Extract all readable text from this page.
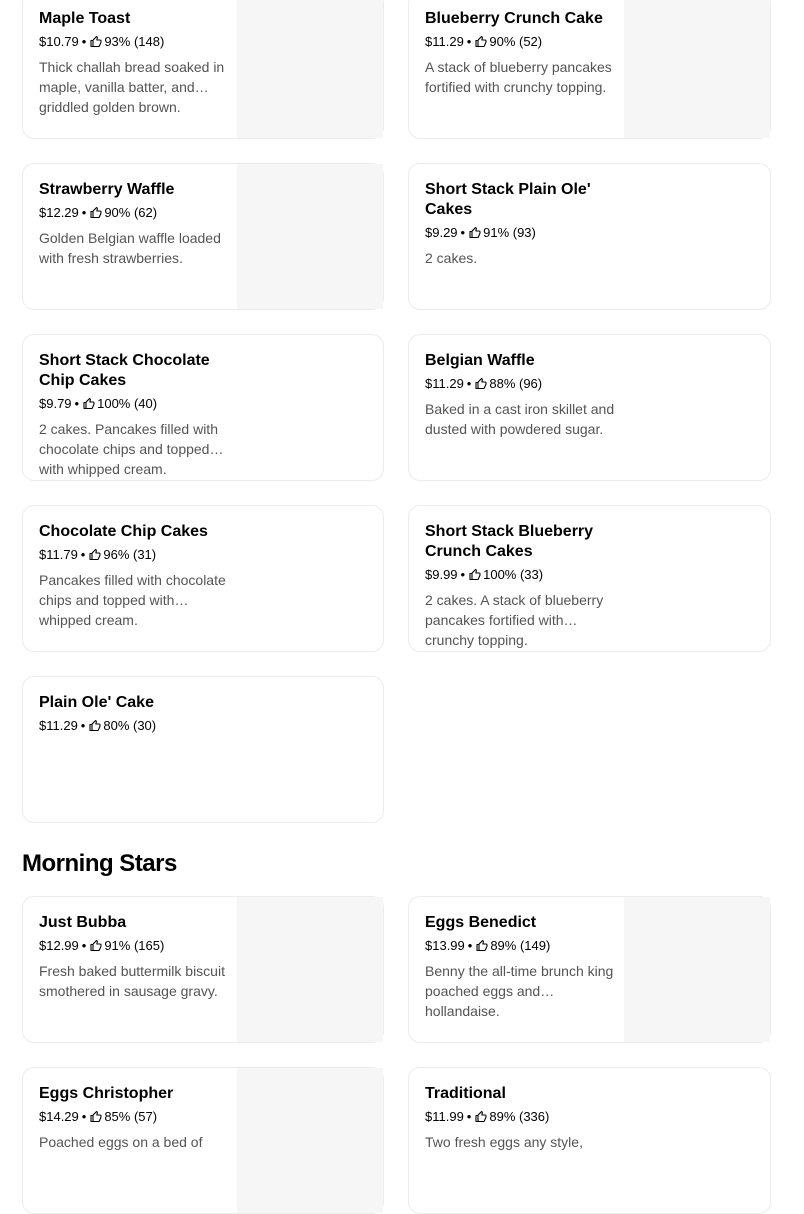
Maple Toast
$10.79 • 93% (148)
Thick challah bread soaked in maple, vanilla batter, and griddled golden brown.
Blueberry Crunch Cake
$11.29 • 90% (52)
A stack of blueberry pancakes fortified with crunchy topping.
Strawberry Waffle
$12.29 • 90% (62)
Golden Belgian waffle loaded with fresh strawberries.
Short Stack Plain Ole' Cakes
$9.29 • 91% (93)
2 cakes.
Short Stack Chocolate Chip Cakes
$9.79 • 100% (40)
2 cakes. Pancakes filled with chocolate chips and topped with whipped cream.
Belgian Waffle
$11.29 • 88% (96)
Baked in a cast iron skillet and dusted with powdered sugar.
Chocolate Chip Cakes
$11.79 • 96% (31)
Pancakes filled with chocolate chips and topped with whipped cream.
Short Stack Blueberry Crunch Cakes
$9.99 • 100% (33)
2 cakes. A stack of blueberry pancakes fortified with crunchy topping.
Plain Ole' Cake
$11.29 • 80% (30)
Morning Stars
Just Bubba
$12.99 • 91% (165)
Fresh baked buttermilk biscuit smothered in sausage gravy.
Eggs Benedict
$13.99 • 89% (149)
Benny the all-time brunch king poached eggs and hollandaise.
Eggs Christopher
$14.29 • 85% (57)
Poached eggs on a bed of
Traditional
$11.99 • 89% (336)
Two fresh eggs any style,
